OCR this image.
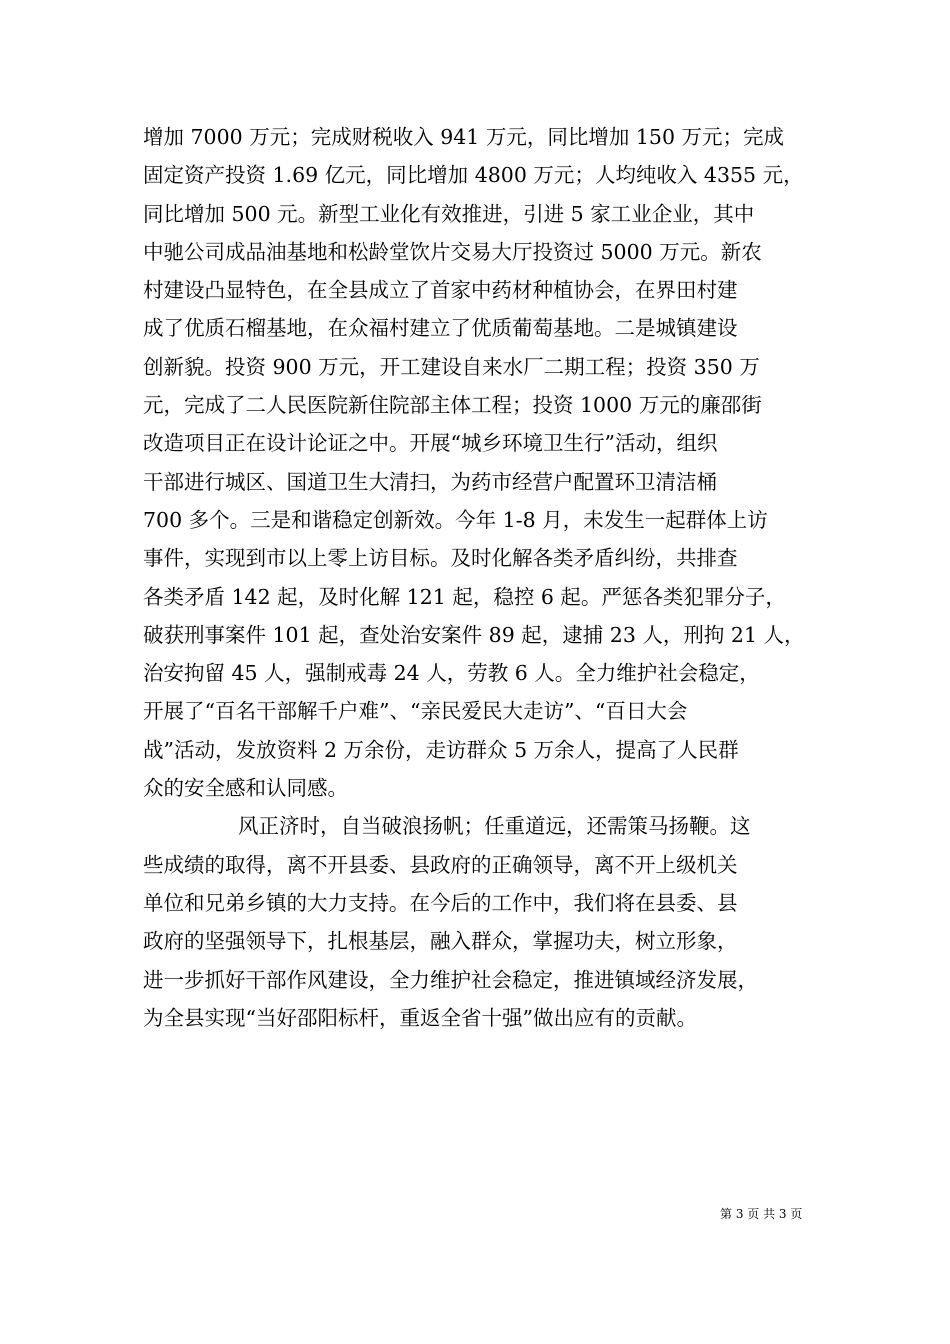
增加 7000 万元；完成财税收入 941 万元，同比增加 150 万元；完成
固定资产投资 1.69 亿元，同比增加 4800 万元；人均纯收入 4355 元，
同比增加 500 元。新型工业化有效推进，引进 5 家工业企业，其中
中驰公司成品油基地和松龄堂饮片交易大厅投资过 5000 万元。新农
村建设凸显特色，在全县成立了首家中药材种植协会，在界田村建
成了优质石榴基地，在众福村建立了优质葡萄基地。二是城镇建设
创新貌。投资 900 万元，开工建设自来水厂二期工程；投资 350 万
元，完成了二人民医院新住院部主体工程；投资 1000 万元的廉邵街
改造项目正在设计论证之中。开展“城乡环境卫生行”活动，组织
干部进行城区、国道卫生大清扫，为药市经营户配置环卫清洁桶
700 多个。三是和谐稳定创新效。今年 1-8 月，未发生一起群体上访
事件，实现到市以上零上访目标。及时化解各类矛盾纠纷，共排查
各类矛盾 142 起，及时化解 121 起，稳控 6 起。严惩各类犯罪分子，
破获刑事案件 101 起，查处治安案件 89 起，逮捕 23 人，刑拘 21 人，
治安拘留 45 人，强制戒毒 24 人，劳教 6 人。全力维护社会稳定，
开展了“百名干部解千户难”、“亲民爱民大走访”、“百日大会
战”活动，发放资料 2 万余份，走访群众 5 万余人，提高了人民群
众的安全感和认同感。
风正济时，自当破浪扬帆；任重道远，还需策马扬鞭。这
些成绩的取得，离不开县委、县政府的正确领导，离不开上级机关
单位和兄弟乡镇的大力支持。在今后的工作中，我们将在县委、县
政府的坚强领导下，扎根基层，融入群众，掌握功夫，树立形象，
进一步抓好干部作风建设，全力维护社会稳定，推进镇域经济发展，
为全县实现“当好邵阳标杆，重返全省十强”做出应有的贡献。
第 3 页 共 3 页
